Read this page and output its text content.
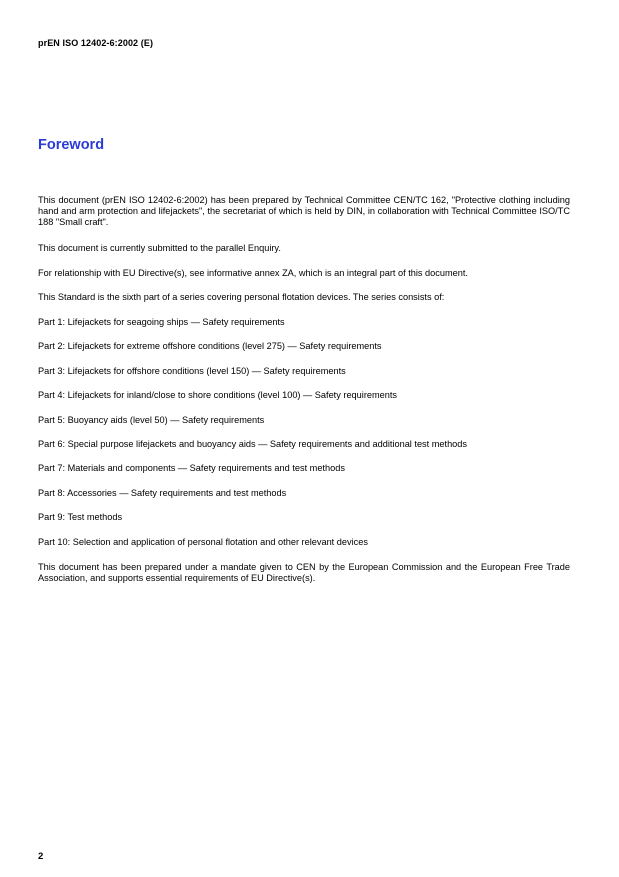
prEN ISO 12402-6:2002 (E)
Foreword

This document (prEN ISO 12402-6:2002) has been prepared by Technical Committee CEN/TC 162, "Protective clothing including hand and arm protection and lifejackets", the secretariat of which is held by DIN, in collaboration with Technical Committee ISO/TC 188 "Small craft".

This document is currently submitted to the parallel Enquiry.

For relationship with EU Directive(s), see informative annex ZA, which is an integral part of this document.

This Standard is the sixth part of a series covering personal flotation devices. The series consists of:

Part 1: Lifejackets for seagoing ships — Safety requirements
Part 2: Lifejackets for extreme offshore conditions (level 275) — Safety requirements
Part 3: Lifejackets for offshore conditions (level 150) — Safety requirements
Part 4: Lifejackets for inland/close to shore conditions (level 100) — Safety requirements
Part 5: Buoyancy aids (level 50) — Safety requirements
Part 6: Special purpose lifejackets and buoyancy aids — Safety requirements and additional test methods
Part 7: Materials and components — Safety requirements and test methods
Part 8: Accessories — Safety requirements and test methods
Part 9: Test methods
Part 10: Selection and application of personal flotation and other relevant devices

This document has been prepared under a mandate given to CEN by the European Commission and the European Free Trade Association, and supports essential requirements of EU Directive(s).

2
